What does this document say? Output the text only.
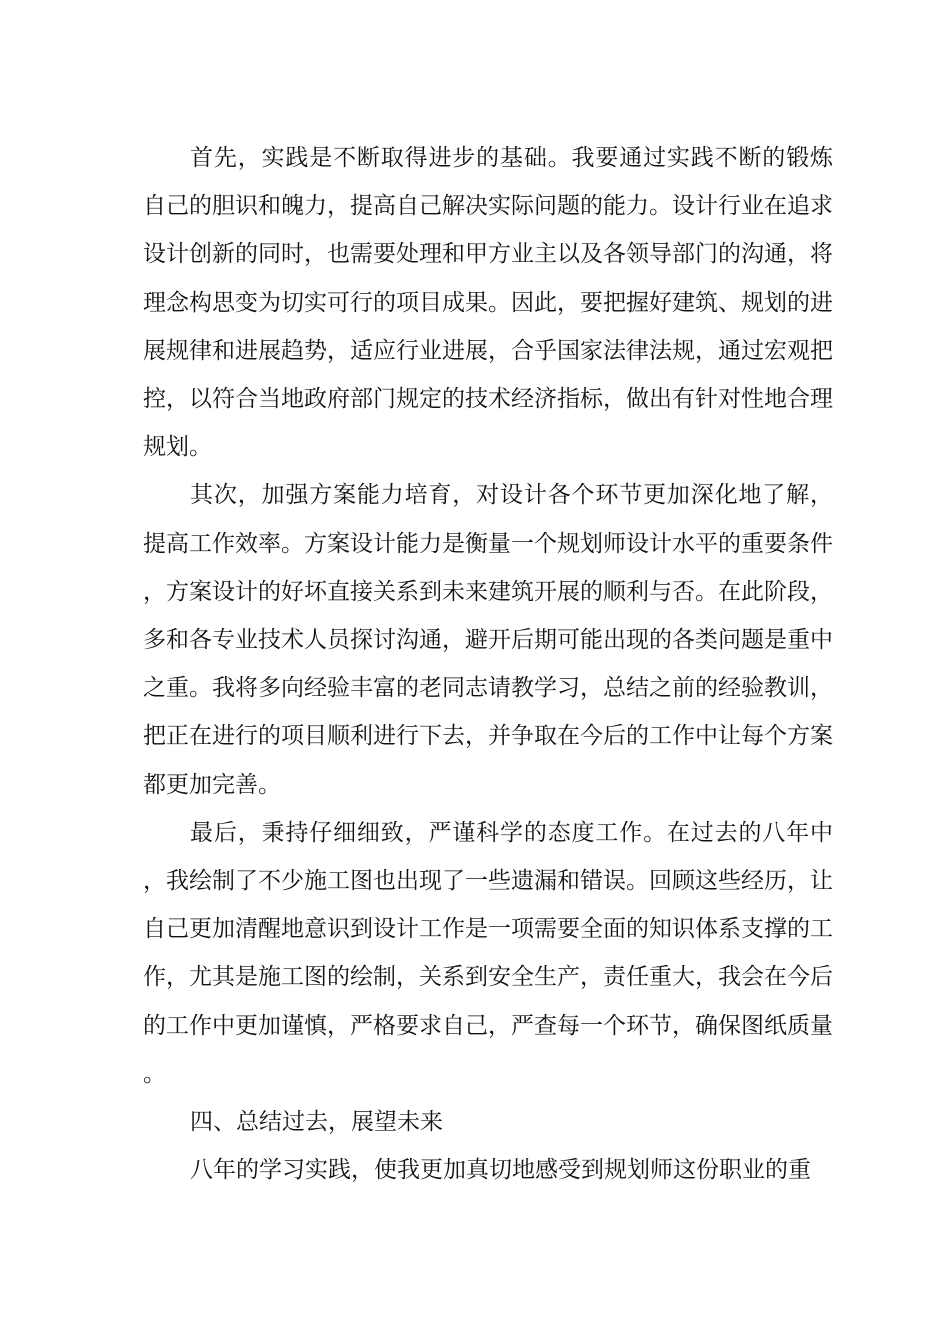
首先，实践是不断取得进步的基础。我要通过实践不断的锻炼自己的胆识和魄力，提高自己解决实际问题的能力。设计行业在追求设计创新的同时，也需要处理和甲方业主以及各领导部门的沟通，将理念构思变为切实可行的项目成果。因此，要把握好建筑、规划的进展规律和进展趋势，适应行业进展，合乎国家法律法规，通过宏观把控，以符合当地政府部门规定的技术经济指标，做出有针对性地合理规划。

其次，加强方案能力培育，对设计各个环节更加深化地了解，提高工作效率。方案设计能力是衡量一个规划师设计水平的重要条件，方案设计的好坏直接关系到未来建筑开展的顺利与否。在此阶段，多和各专业技术人员探讨沟通，避开后期可能出现的各类问题是重中之重。我将多向经验丰富的老同志请教学习，总结之前的经验教训，把正在进行的项目顺利进行下去，并争取在今后的工作中让每个方案都更加完善。

最后，秉持仔细细致，严谨科学的态度工作。在过去的八年中，我绘制了不少施工图也出现了一些遗漏和错误。回顾这些经历，让自己更加清醒地意识到设计工作是一项需要全面的知识体系支撑的工作，尤其是施工图的绘制，关系到安全生产，责任重大，我会在今后的工作中更加谨慎，严格要求自己，严查每一个环节，确保图纸质量。

四、总结过去，展望未来

八年的学习实践，使我更加真切地感受到规划师这份职业的重
